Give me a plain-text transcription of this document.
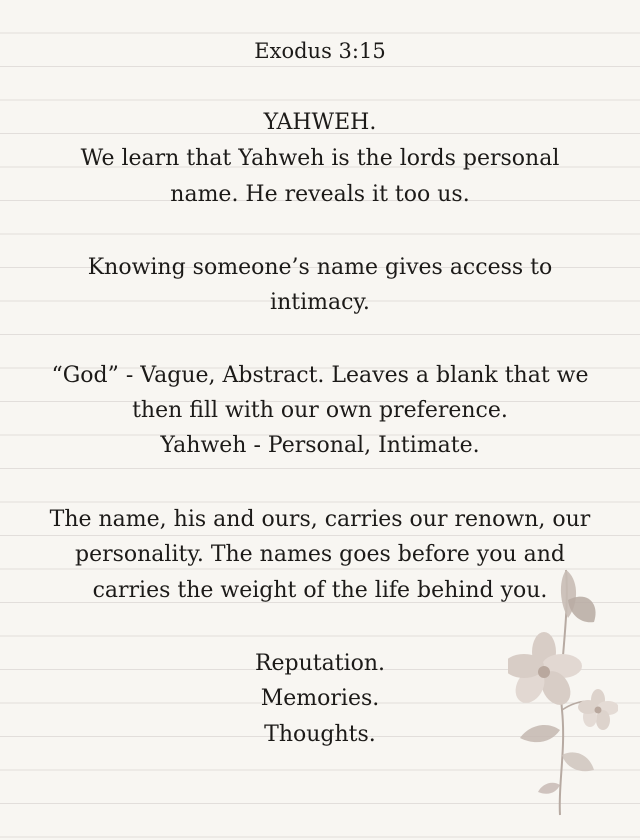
Exodus 3:15
YAHWEH.
We learn that Yahweh is the lords personal
name. He reveals it too us.
Knowing someone’s name gives access to
intimacy.
“God” - Vague, Abstract. Leaves a blank that we
then fill with our own preference.
Yahweh - Personal, Intimate.
The name, his and ours, carries our renown, our
personality. The names goes before you and
carries the weight of the life behind you.
Reputation.
Memories.
Thoughts.
